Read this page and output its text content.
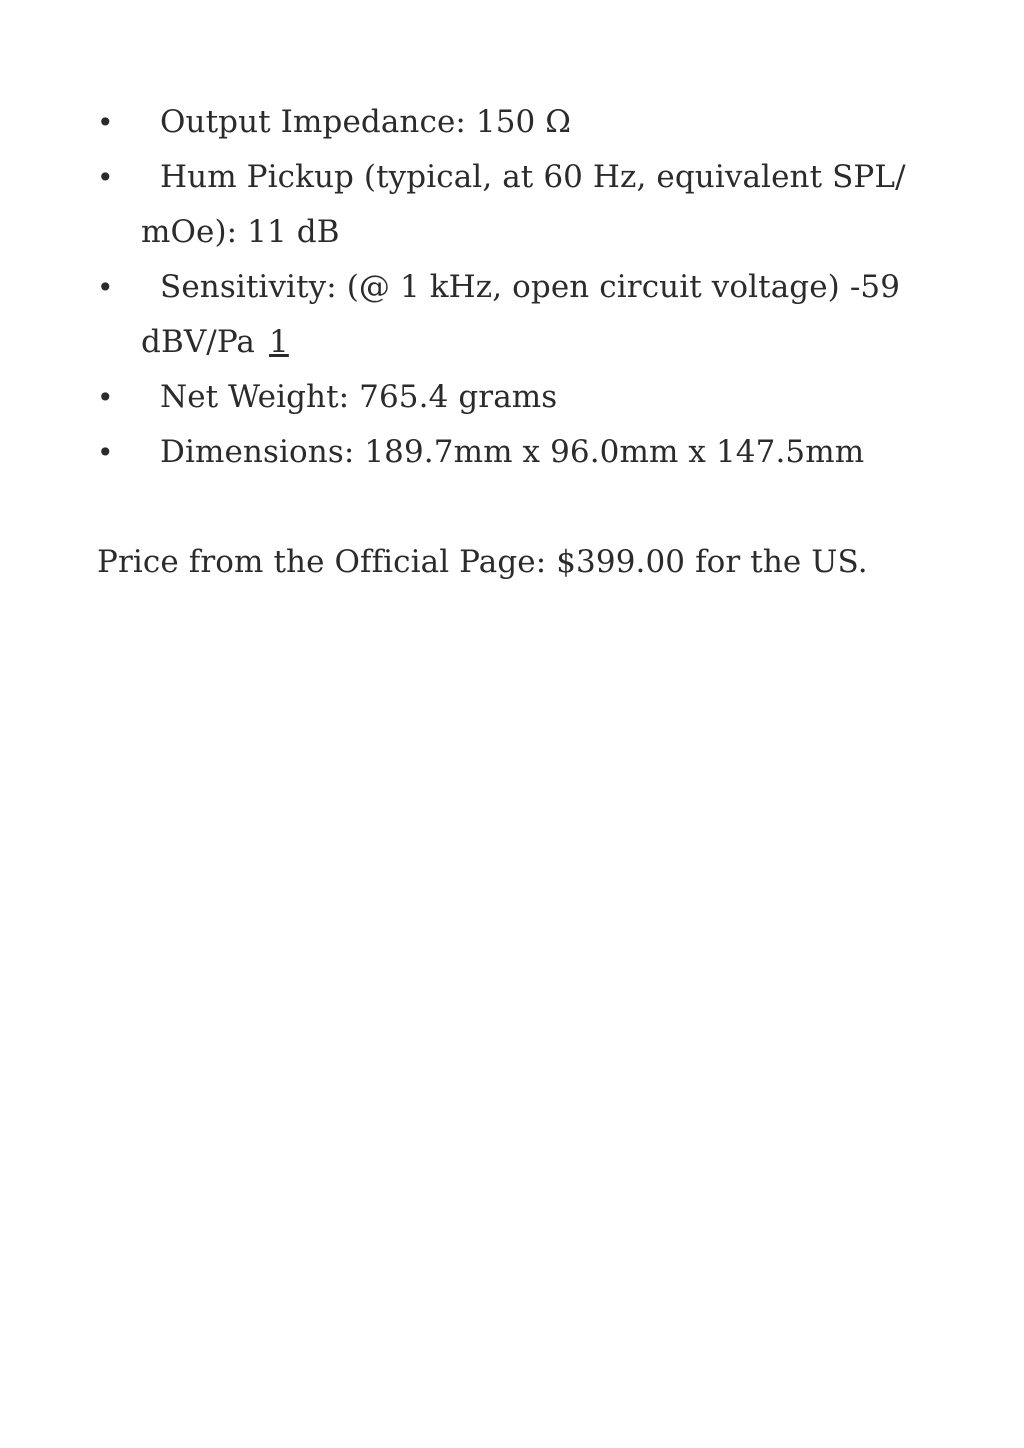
• Output Impedance: 150 Ω
• Hum Pickup (typical, at 60 Hz, equivalent SPL/ mOe): 11 dB
• Sensitivity: (@ 1 kHz, open circuit voltage) -59 dBV/Pa 1
• Net Weight: 765.4 grams
• Dimensions: 189.7mm x 96.0mm x 147.5mm

Price from the Official Page: $399.00 for the US.
